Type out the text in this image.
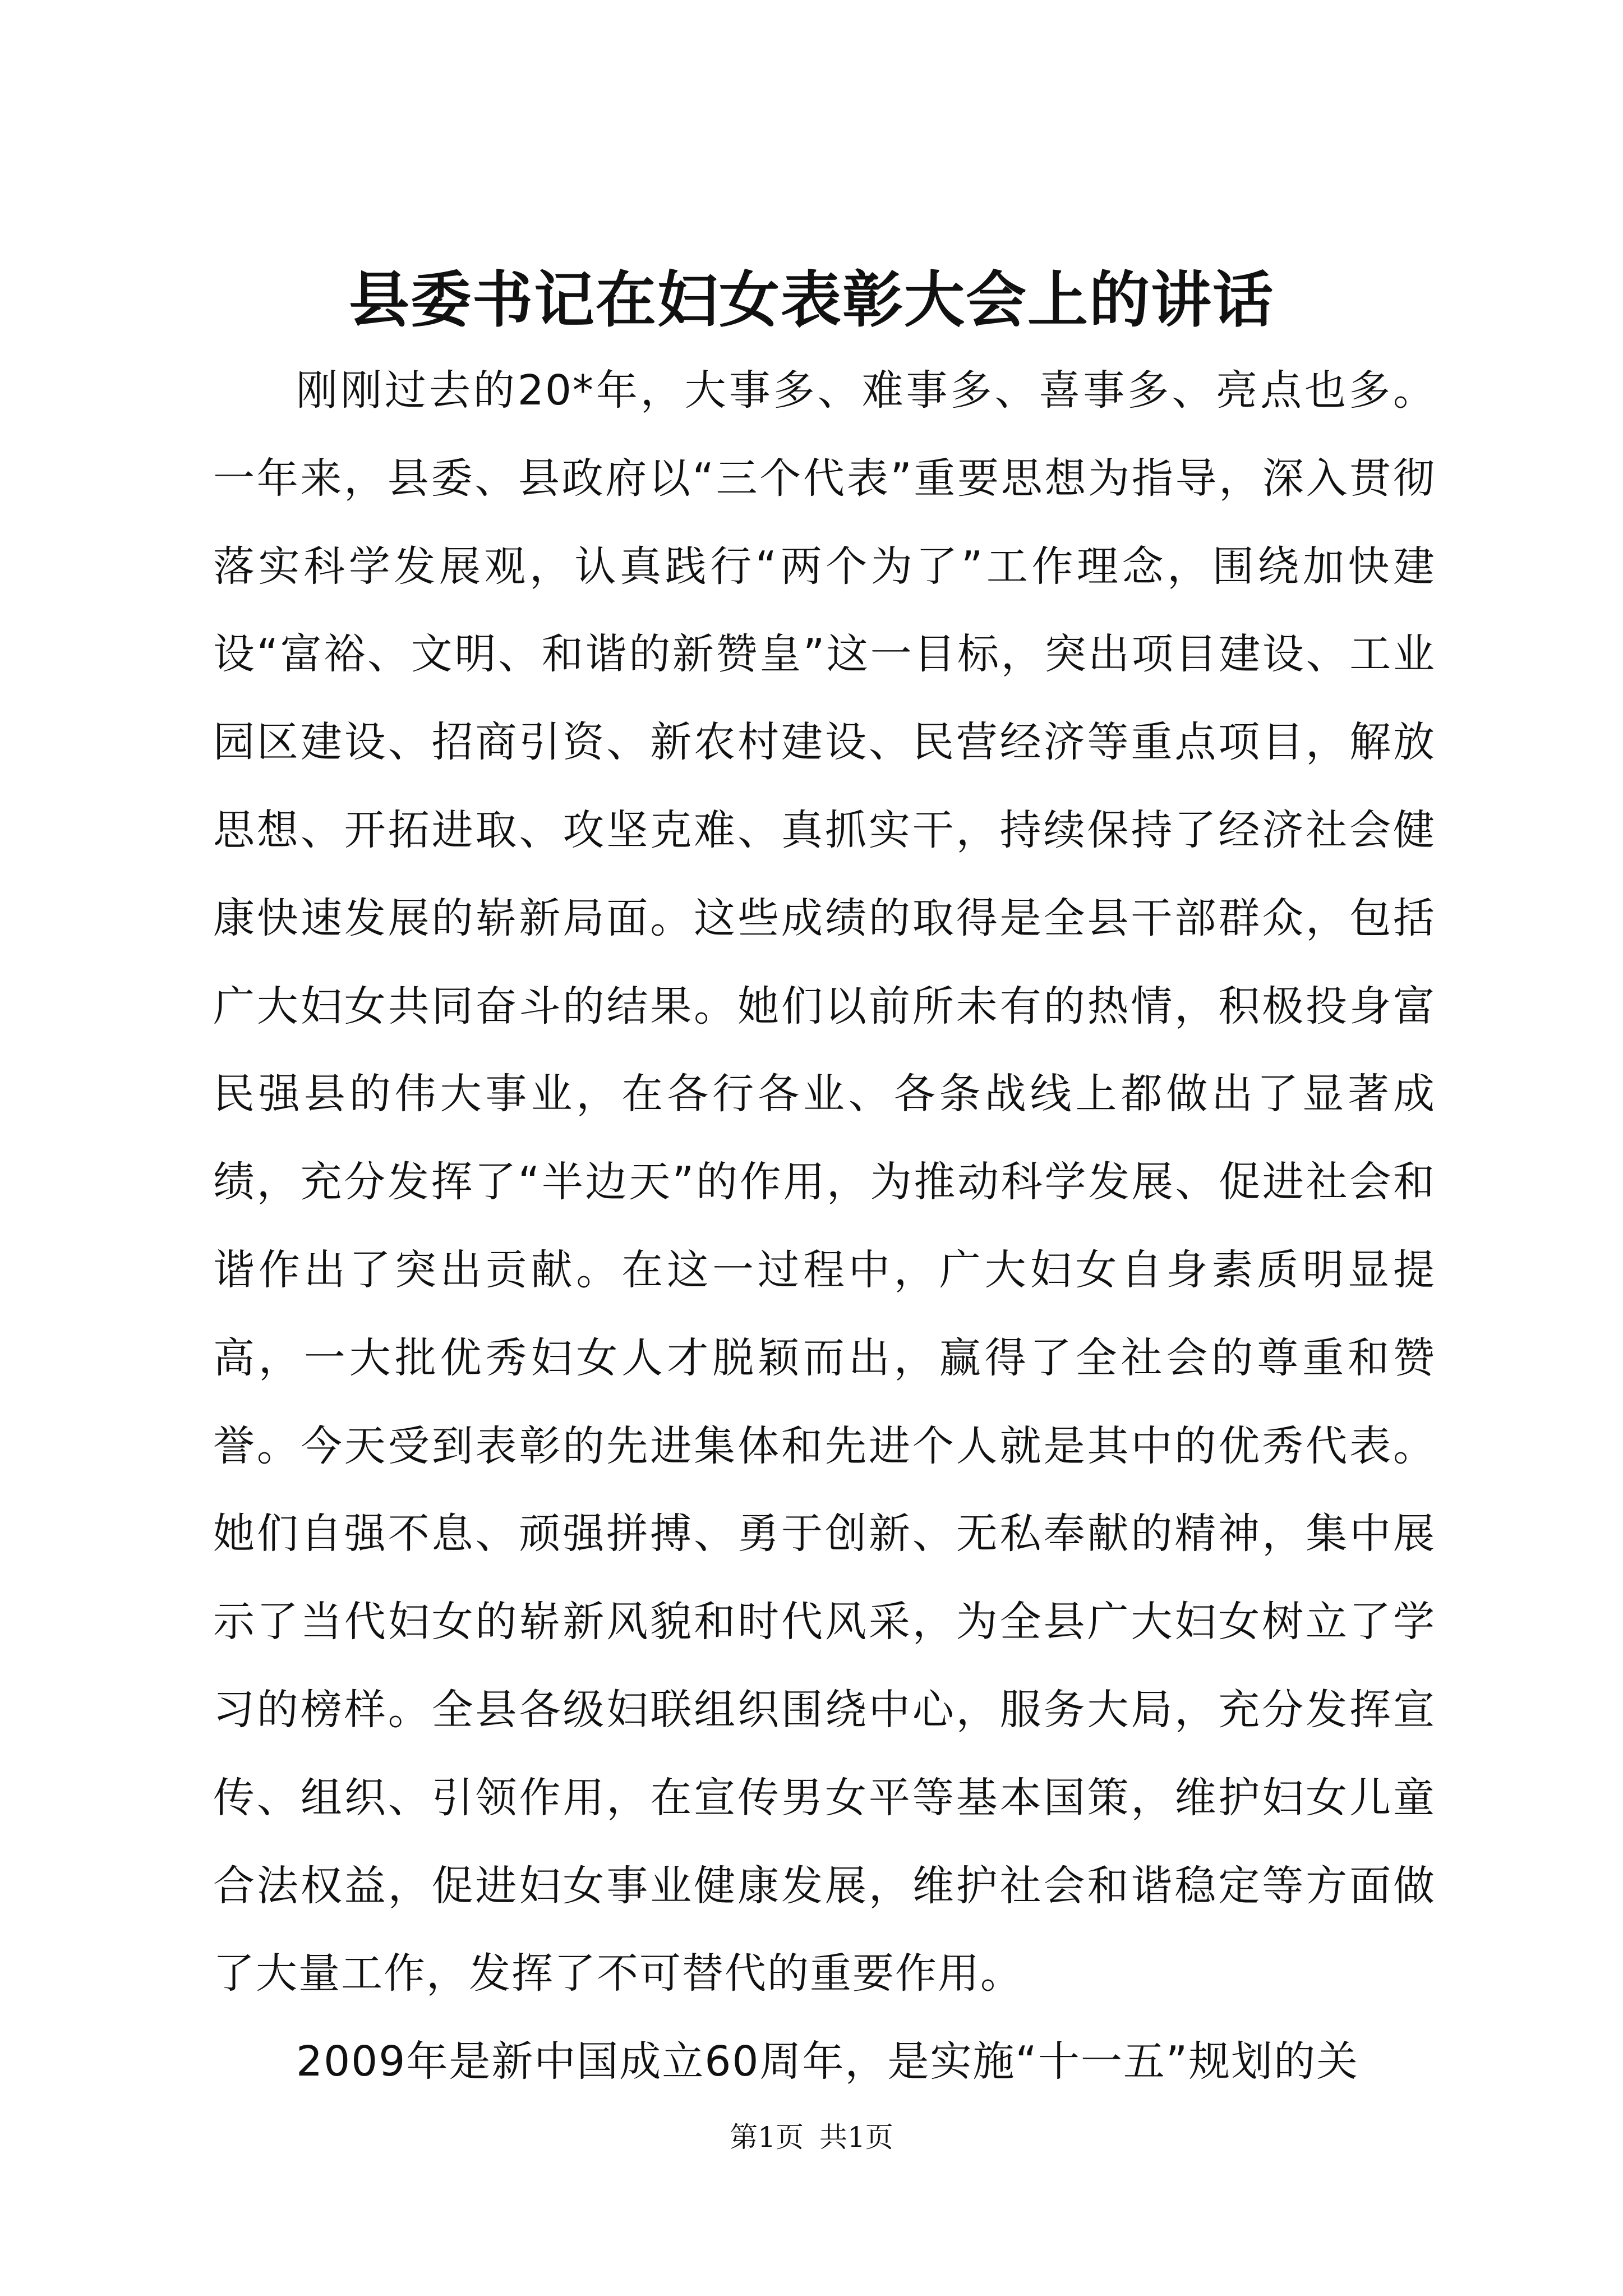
县委书记在妇女表彰大会上的讲话

刚刚过去的20*年，大事多、难事多、喜事多、亮点也多。一年来，县委、县政府以“三个代表”重要思想为指导，深入贯彻落实科学发展观，认真践行“两个为了”工作理念，围绕加快建设“富裕、文明、和谐的新赞皇”这一目标，突出项目建设、工业园区建设、招商引资、新农村建设、民营经济等重点项目，解放思想、开拓进取、攻坚克难、真抓实干，持续保持了经济社会健康快速发展的崭新局面。这些成绩的取得是全县干部群众，包括广大妇女共同奋斗的结果。她们以前所未有的热情，积极投身富民强县的伟大事业，在各行各业、各条战线上都做出了显著成绩，充分发挥了“半边天”的作用，为推动科学发展、促进社会和谐作出了突出贡献。在这一过程中，广大妇女自身素质明显提高，一大批优秀妇女人才脱颖而出，赢得了全社会的尊重和赞誉。今天受到表彰的先进集体和先进个人就是其中的优秀代表。她们自强不息、顽强拼搏、勇于创新、无私奉献的精神，集中展示了当代妇女的崭新风貌和时代风采，为全县广大妇女树立了学习的榜样。全县各级妇联组织围绕中心，服务大局，充分发挥宣传、组织、引领作用，在宣传男女平等基本国策，维护妇女儿童合法权益，促进妇女事业健康发展，维护社会和谐稳定等方面做了大量工作，发挥了不可替代的重要作用。

2009年是新中国成立60周年，是实施“十一五”规划的关

第1页 共1页
